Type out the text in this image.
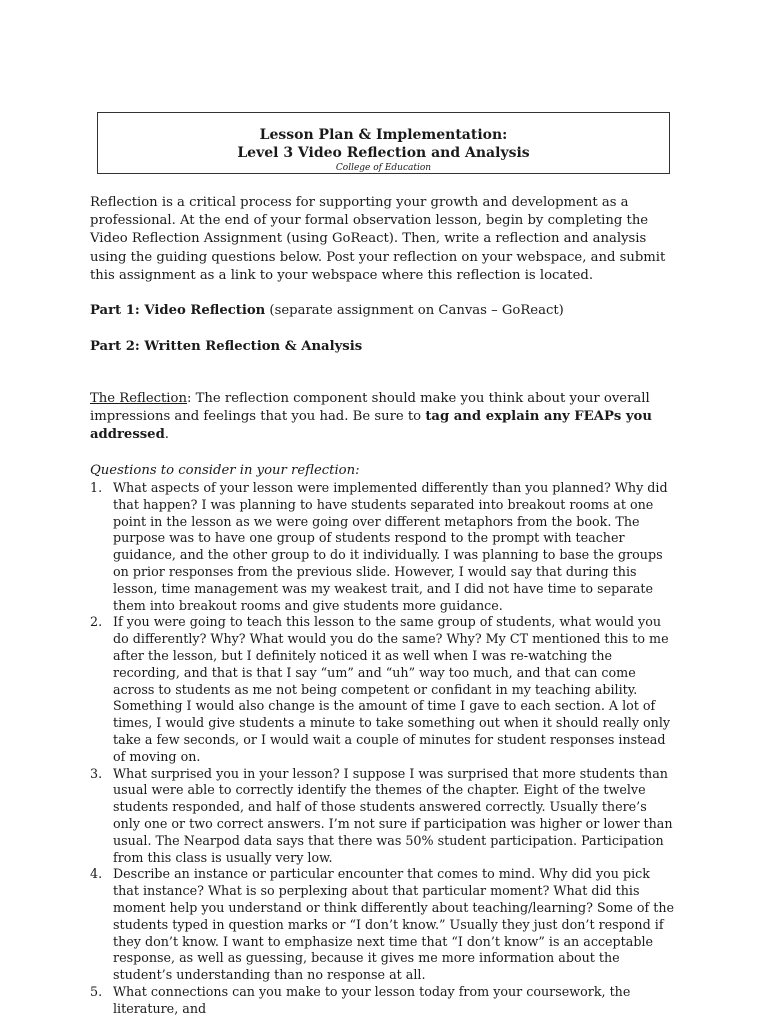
Lesson Plan & Implementation:
Level 3 Video Reflection and Analysis
College of Education
Reflection is a critical process for supporting your growth and development as a professional. At the end of your formal observation lesson, begin by completing the Video Reflection Assignment (using GoReact). Then, write a reflection and analysis using the guiding questions below. Post your reflection on your webspace, and submit this assignment as a link to your webspace where this reflection is located.
Part 1: Video Reflection (separate assignment on Canvas – GoReact)
Part 2: Written Reflection & Analysis
The Reflection: The reflection component should make you think about your overall impressions and feelings that you had. Be sure to tag and explain any FEAPs you addressed.
Questions to consider in your reflection:
1. What aspects of your lesson were implemented differently than you planned? Why did that happen? I was planning to have students separated into breakout rooms at one point in the lesson as we were going over different metaphors from the book. The purpose was to have one group of students respond to the prompt with teacher guidance, and the other group to do it individually. I was planning to base the groups on prior responses from the previous slide. However, I would say that during this lesson, time management was my weakest trait, and I did not have time to separate them into breakout rooms and give students more guidance.
2. If you were going to teach this lesson to the same group of students, what would you do differently? Why? What would you do the same? Why? My CT mentioned this to me after the lesson, but I definitely noticed it as well when I was re-watching the recording, and that is that I say “um” and “uh” way too much, and that can come across to students as me not being competent or confidant in my teaching ability. Something I would also change is the amount of time I gave to each section. A lot of times, I would give students a minute to take something out when it should really only take a few seconds, or I would wait a couple of minutes for student responses instead of moving on.
3. What surprised you in your lesson? I suppose I was surprised that more students than usual were able to correctly identify the themes of the chapter. Eight of the twelve students responded, and half of those students answered correctly. Usually there’s only one or two correct answers. I’m not sure if participation was higher or lower than usual. The Nearpod data says that there was 50% student participation. Participation from this class is usually very low.
4. Describe an instance or particular encounter that comes to mind. Why did you pick that instance? What is so perplexing about that particular moment? What did this moment help you understand or think differently about teaching/learning? Some of the students typed in question marks or “I don’t know.” Usually they just don’t respond if they don’t know. I want to emphasize next time that “I don’t know” is an acceptable response, as well as guessing, because it gives me more information about the student’s understanding than no response at all.
5. What connections can you make to your lesson today from your coursework, the literature, and
